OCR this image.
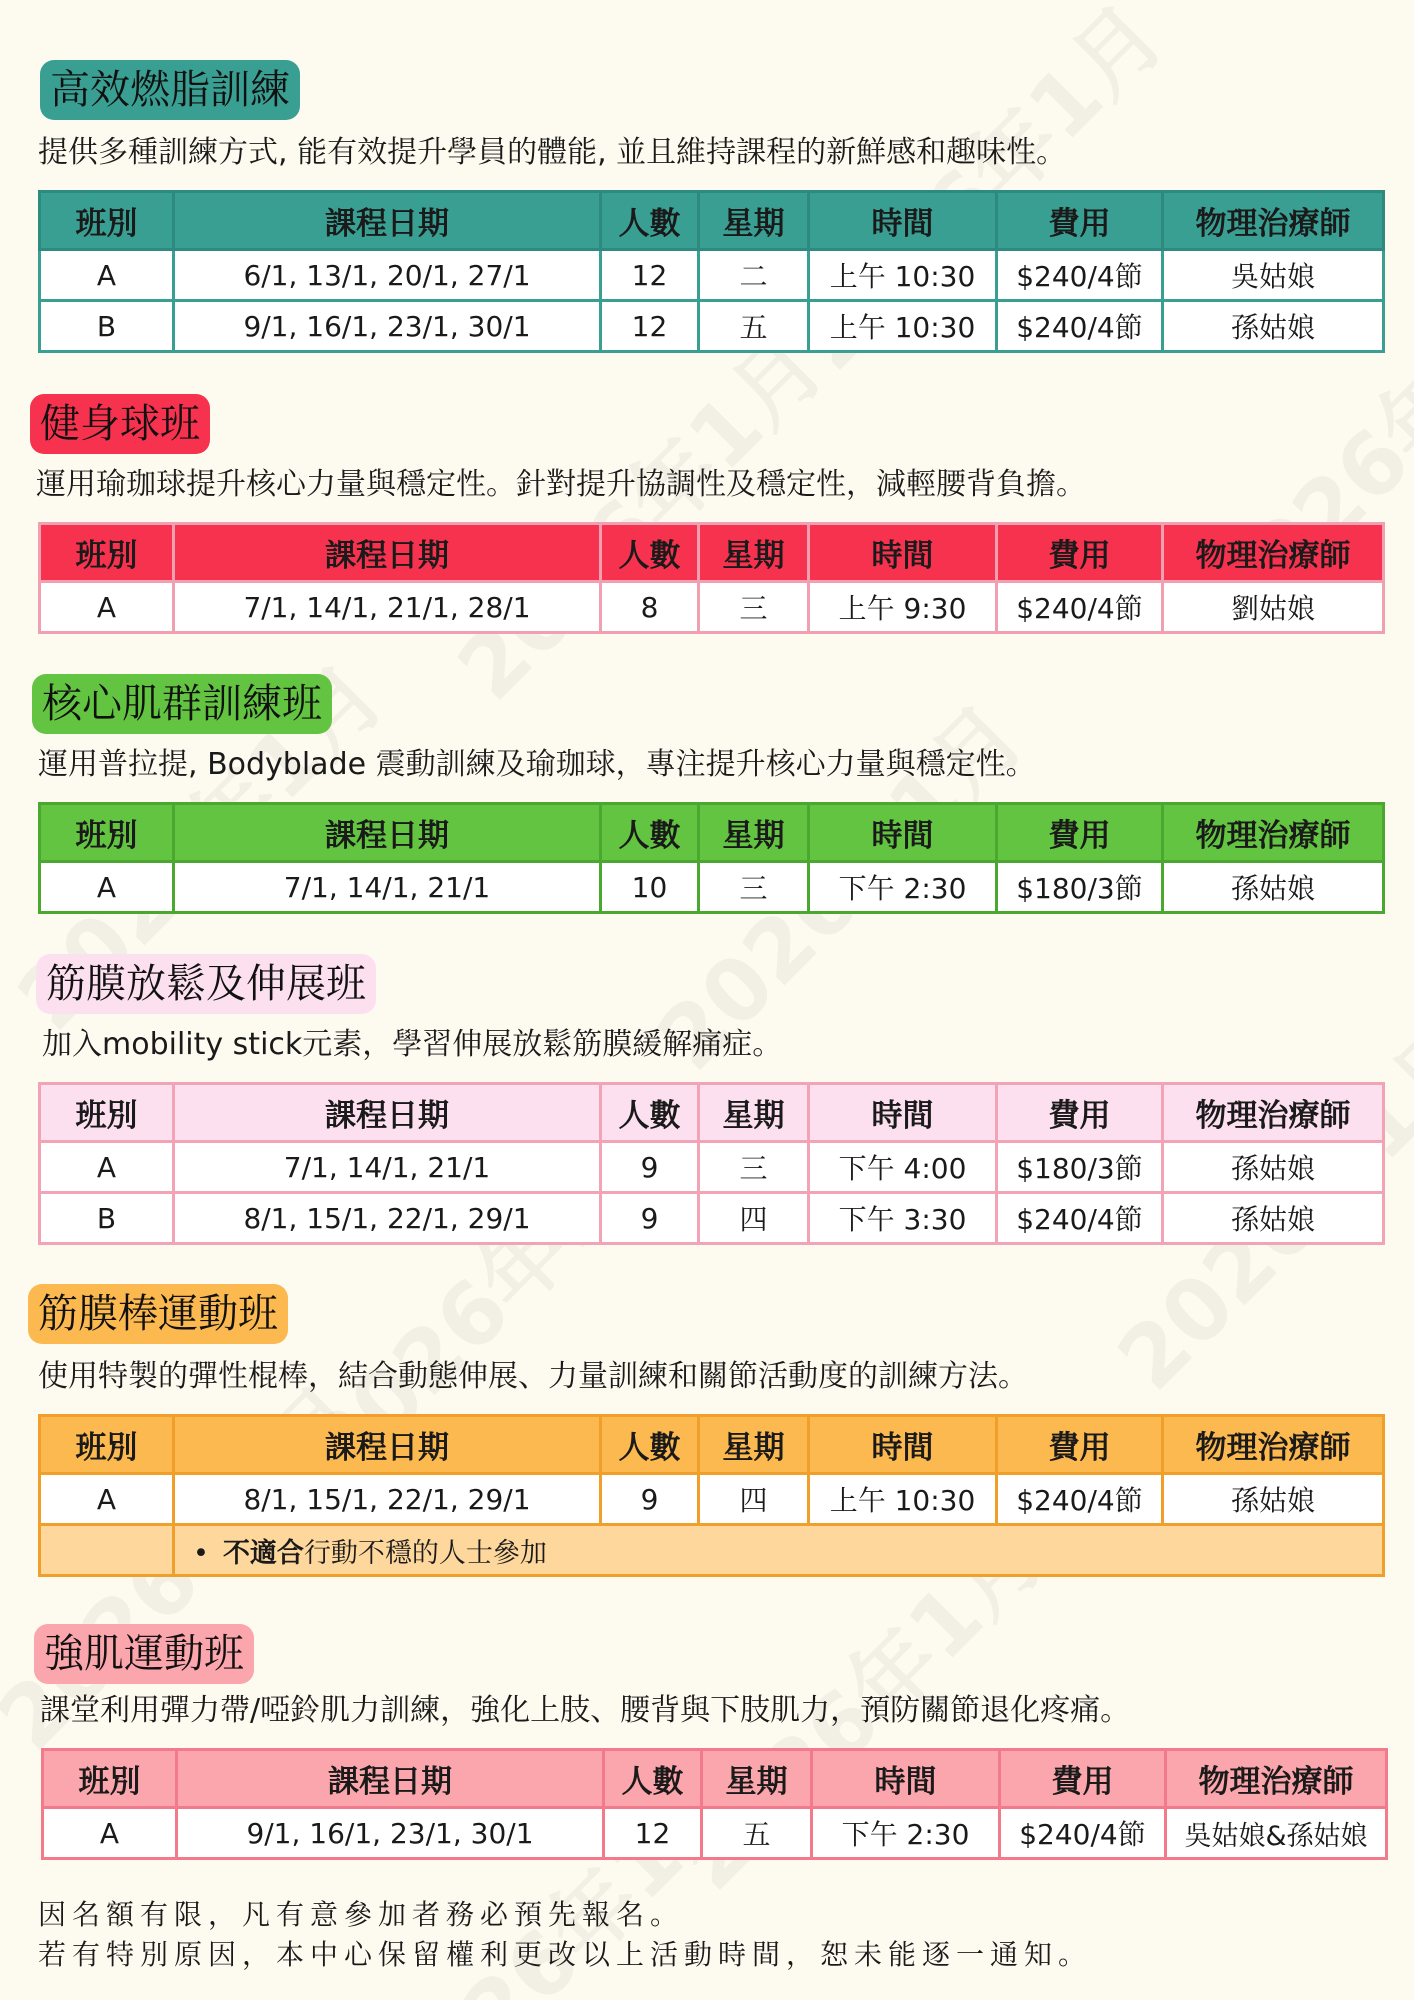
高效燃脂訓練
提供多種訓練方式, 能有效提升學員的體能, 並且維持課程的新鮮感和趣味性。
班別	課程日期	人數	星期	時間	費用	物理治療師
A	6/1, 13/1, 20/1, 27/1	12	二	上午 10:30	$240/4節	吳姑娘
B	9/1, 16/1, 23/1, 30/1	12	五	上午 10:30	$240/4節	孫姑娘
健身球班
運用瑜珈球提升核心力量與穩定性。針對提升協調性及穩定性，減輕腰背負擔。
班別	課程日期	人數	星期	時間	費用	物理治療師
A	7/1, 14/1, 21/1, 28/1	8	三	上午 9:30	$240/4節	劉姑娘
核心肌群訓練班
運用普拉提, Bodyblade 震動訓練及瑜珈球，專注提升核心力量與穩定性。
班別	課程日期	人數	星期	時間	費用	物理治療師
A	7/1, 14/1, 21/1	10	三	下午 2:30	$180/3節	孫姑娘
筋膜放鬆及伸展班
加入mobility stick元素，學習伸展放鬆筋膜緩解痛症。
班別	課程日期	人數	星期	時間	費用	物理治療師
A	7/1, 14/1, 21/1	9	三	下午 4:00	$180/3節	孫姑娘
B	8/1, 15/1, 22/1, 29/1	9	四	下午 3:30	$240/4節	孫姑娘
筋膜棒運動班
使用特製的彈性棍棒，結合動態伸展、力量訓練和關節活動度的訓練方法。
班別	課程日期	人數	星期	時間	費用	物理治療師
A	8/1, 15/1, 22/1, 29/1	9	四	上午 10:30	$240/4節	孫姑娘
	• 不適合行動不穩的人士參加					
強肌運動班
課堂利用彈力帶/啞鈴肌力訓練，強化上肢、腰背與下肢肌力，預防關節退化疼痛。
班別	課程日期	人數	星期	時間	費用	物理治療師
A	9/1, 16/1, 23/1, 30/1	12	五	下午 2:30	$240/4節	吳姑娘&孫姑娘
因名額有限，凡有意參加者務必預先報名。
若有特別原因，本中心保留權利更改以上活動時間，恕未能逐一通知。
